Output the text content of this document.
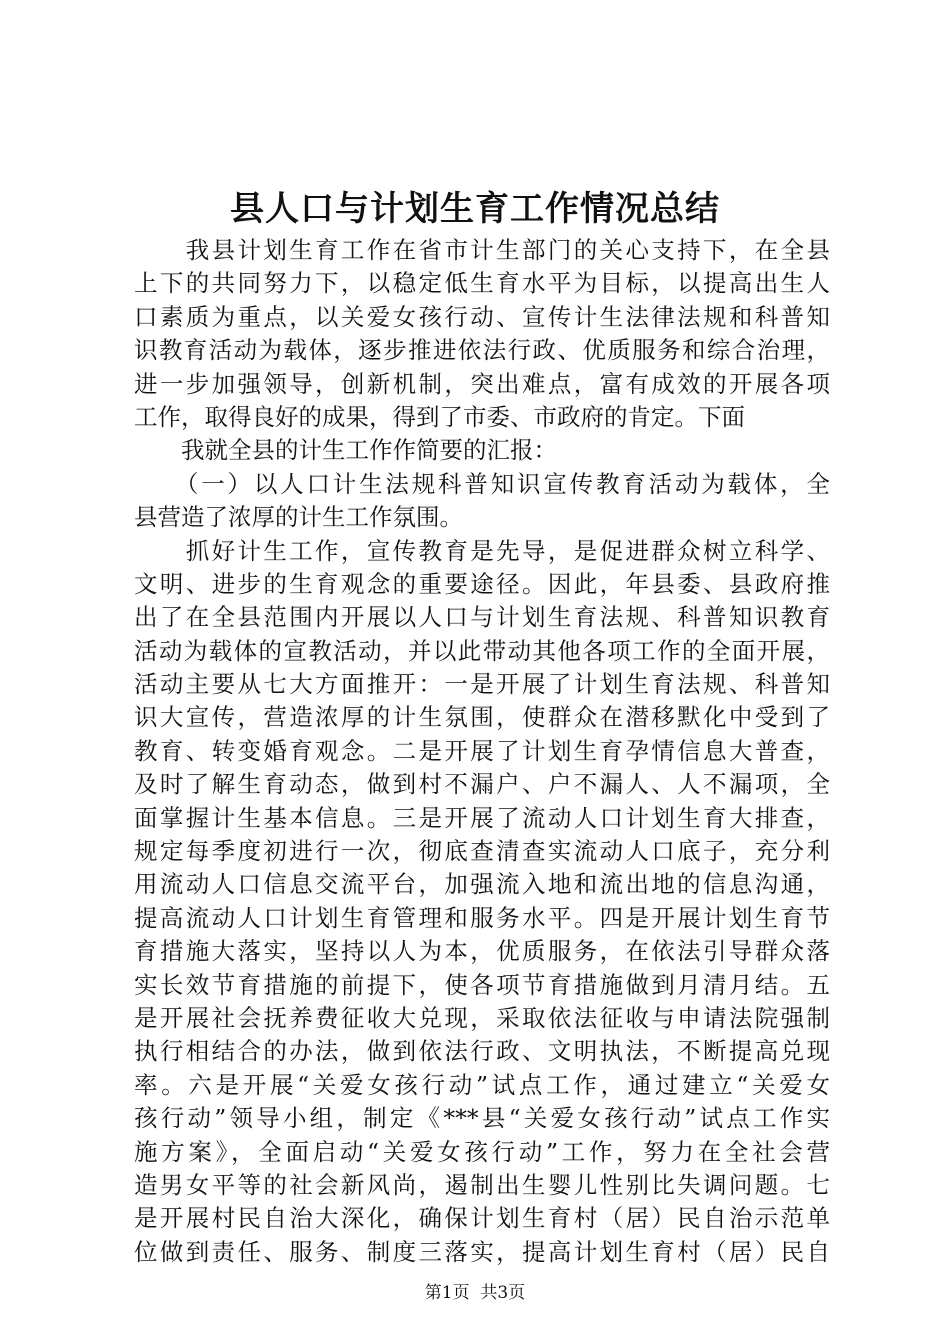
县人口与计划生育工作情况总结
　　我县计划生育工作在省市计生部门的关心支持下，在全县
上下的共同努力下，以稳定低生育水平为目标，以提高出生人
口素质为重点，以关爱女孩行动、宣传计生法律法规和科普知
识教育活动为载体，逐步推进依法行政、优质服务和综合治理，
进一步加强领导，创新机制，突出难点，富有成效的开展各项
工作，取得良好的成果，得到了市委、市政府的肯定。下面
　　我就全县的计生工作作简要的汇报：
　　（一）以人口计生法规科普知识宣传教育活动为载体，全
县营造了浓厚的计生工作氛围。
　　抓好计生工作，宣传教育是先导，是促进群众树立科学、
文明、进步的生育观念的重要途径。因此，年县委、县政府推
出了在全县范围内开展以人口与计划生育法规、科普知识教育
活动为载体的宣教活动，并以此带动其他各项工作的全面开展，
活动主要从七大方面推开：一是开展了计划生育法规、科普知
识大宣传，营造浓厚的计生氛围，使群众在潜移默化中受到了
教育、转变婚育观念。二是开展了计划生育孕情信息大普查，
及时了解生育动态，做到村不漏户、户不漏人、人不漏项，全
面掌握计生基本信息。三是开展了流动人口计划生育大排查，
规定每季度初进行一次，彻底查清查实流动人口底子，充分利
用流动人口信息交流平台，加强流入地和流出地的信息沟通，
提高流动人口计划生育管理和服务水平。四是开展计划生育节
育措施大落实，坚持以人为本，优质服务，在依法引导群众落
实长效节育措施的前提下，使各项节育措施做到月清月结。五
是开展社会抚养费征收大兑现，采取依法征收与申请法院强制
执行相结合的办法，做到依法行政、文明执法，不断提高兑现
率。六是开展“关爱女孩行动”试点工作，通过建立“关爱女
孩行动”领导小组，制定《***县“关爱女孩行动”试点工作实
施方案》，全面启动“关爱女孩行动”工作，努力在全社会营
造男女平等的社会新风尚，遏制出生婴儿性别比失调问题。七
是开展村民自治大深化，确保计划生育村（居）民自治示范单
位做到责任、服务、制度三落实，提高计划生育村（居）民自
第1页  共3页
